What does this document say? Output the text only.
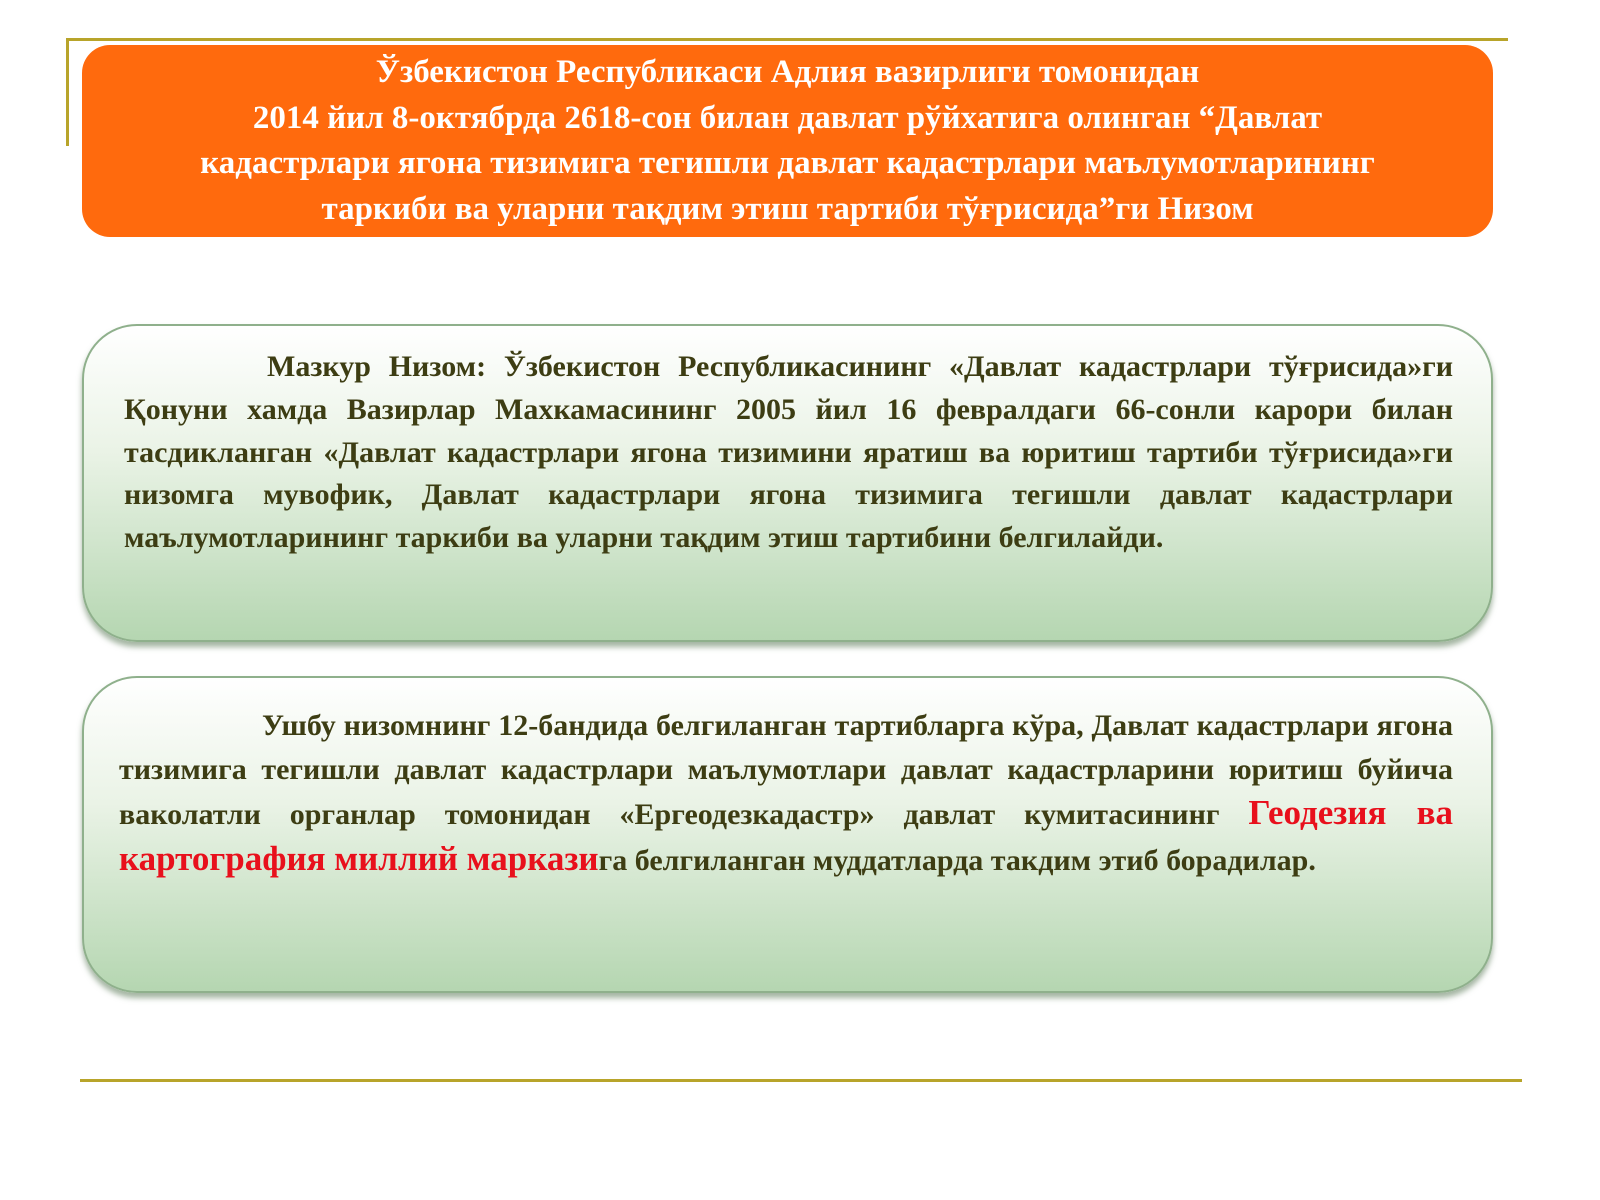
Ўзбекистон Республикаси Адлия вазирлиги томонидан
2014 йил 8-октябрда 2618-сон билан давлат рўйхатига олинган “Давлат
кадастрлари ягона тизимига тегишли давлат кадастрлари маълумотларининг
таркиби ва уларни тақдим этиш тартиби тўғрисида”ги Низом

Мазкур Низом: Ўзбекистон Республикасининг «Давлат кадастрлари тўғрисида»ги Қонуни хамда Вазирлар Махкамасининг 2005 йил 16 февралдаги 66-сонли карори билан тасдикланган «Давлат кадастрлари ягона тизимини яратиш ва юритиш тартиби тўғрисида»ги низомга мувофик, Давлат кадастрлари ягона тизимига тегишли давлат кадастрлари маълумотларининг таркиби ва уларни тақдим этиш тартибини белгилайди.

Ушбу низомнинг 12-бандида белгиланган тартибларга кўра, Давлат кадастрлари ягона тизимига тегишли давлат кадастрлари маълумотлари давлат кадастрларини юритиш буйича ваколатли органлар томонидан «Ергеодезкадастр» давлат кумитасининг Геодезия ва картография миллий марказига белгиланган муддатларда такдим этиб борадилар.
